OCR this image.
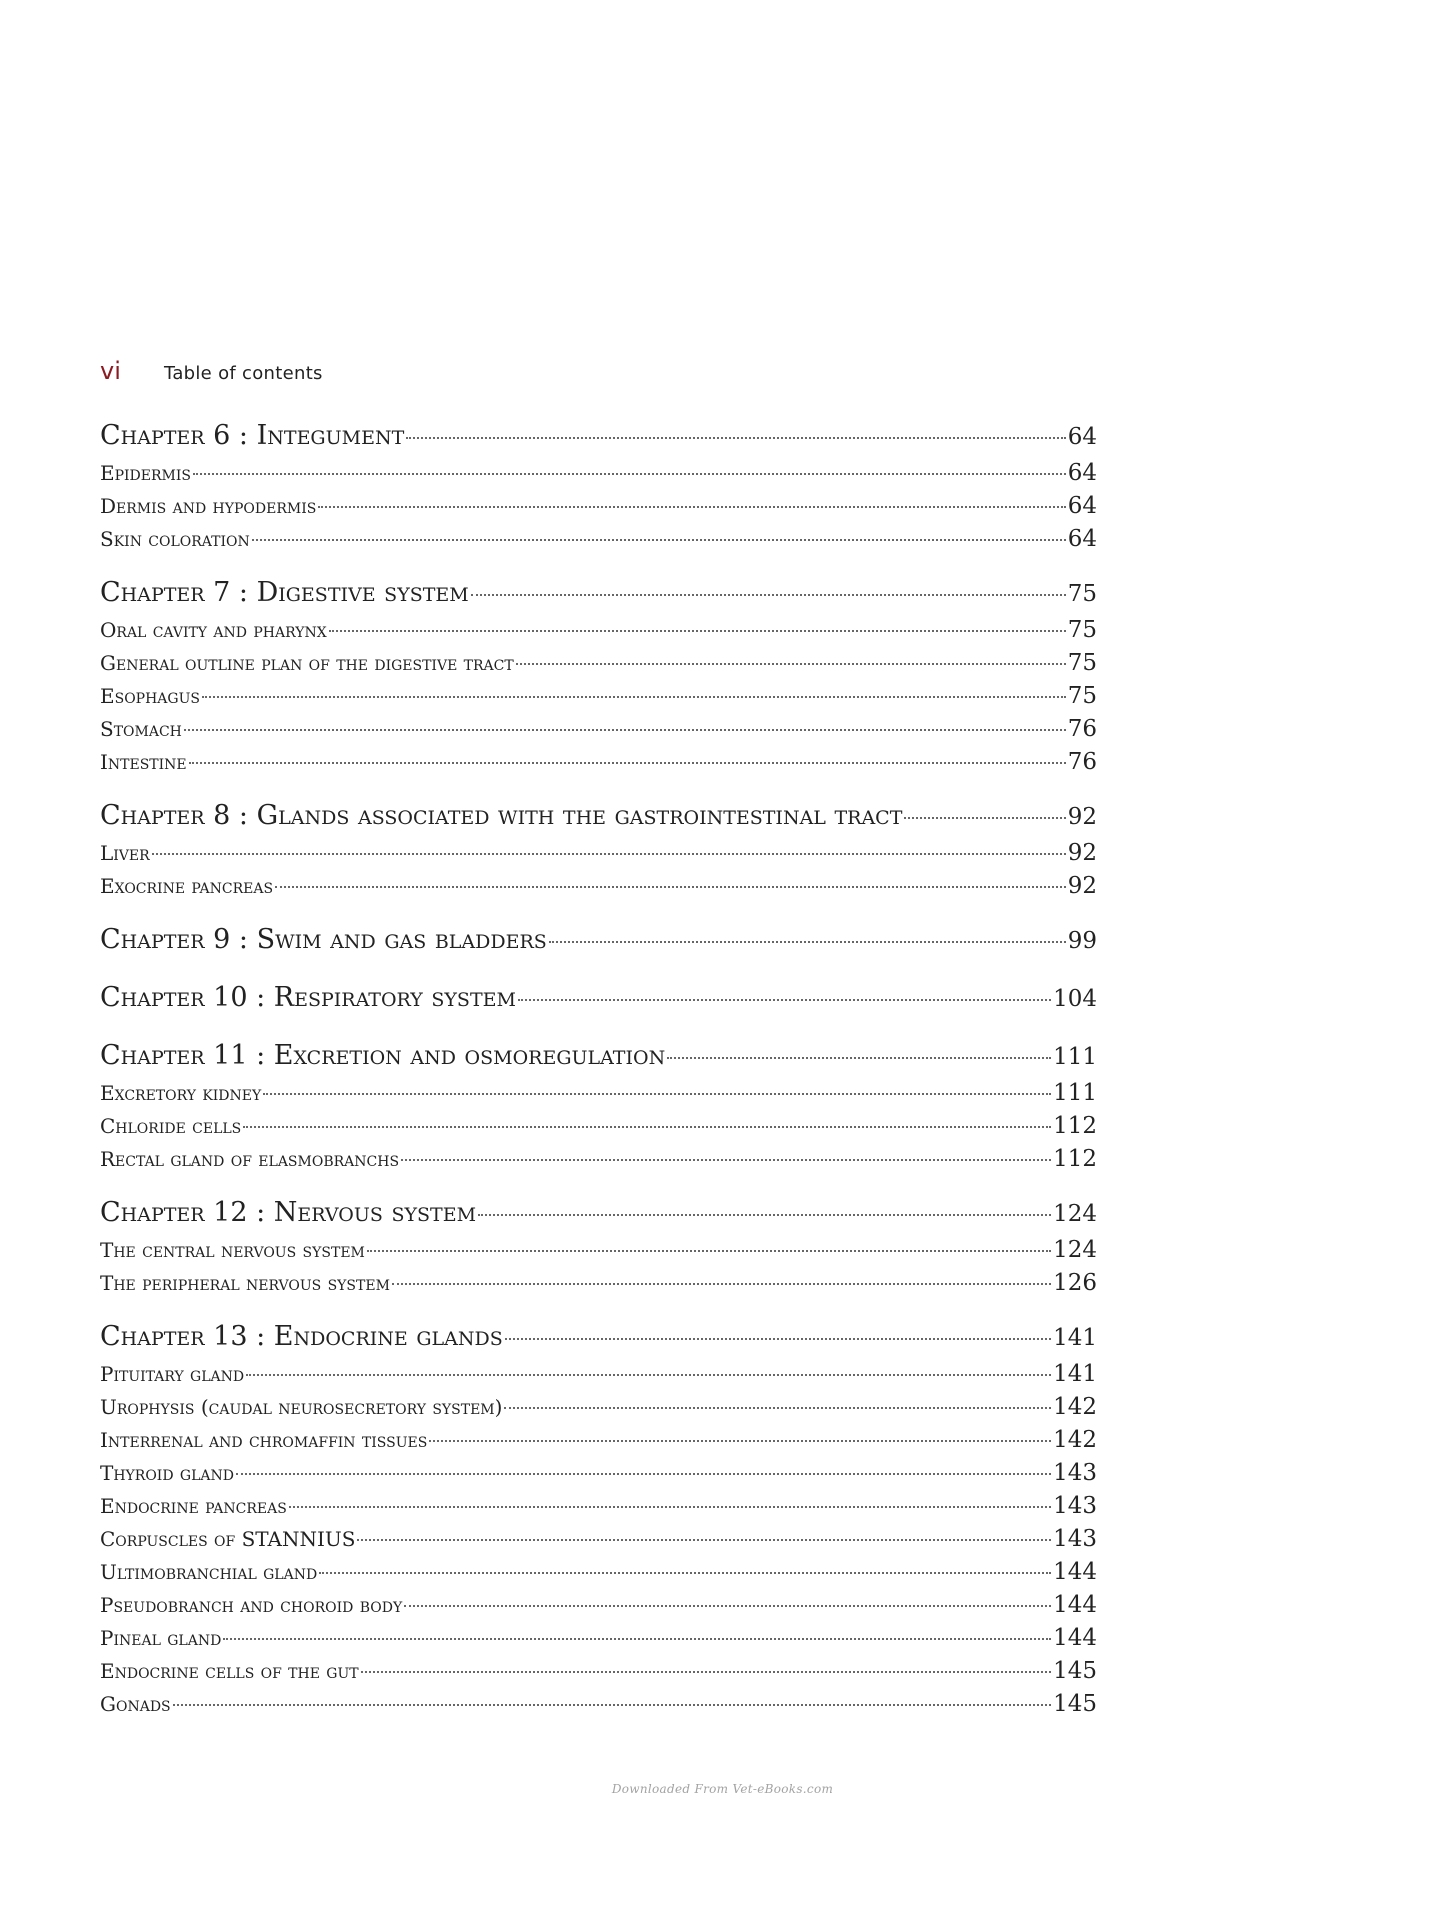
vi	Table of contents
Chapter 6 : Integument	64
Epidermis	64
Dermis and hypodermis	64
Skin coloration	64
Chapter 7 : Digestive system	75
Oral cavity and pharynx	75
General outline plan of the digestive tract	75
Esophagus	75
Stomach	76
Intestine	76
Chapter 8 : Glands associated with the gastrointestinal tract	92
Liver	92
Exocrine pancreas	92
Chapter 9 : Swim and gas bladders	99
Chapter 10 : Respiratory system	104
Chapter 11 : Excretion and osmoregulation	111
Excretory kidney	111
Chloride cells	112
Rectal gland of elasmobranchs	112
Chapter 12 : Nervous system	124
The central nervous system	124
The peripheral nervous system	126
Chapter 13 : Endocrine glands	141
Pituitary gland	141
Urophysis (caudal neurosecretory system)	142
Interrenal and chromaffin tissues	142
Thyroid gland	143
Endocrine pancreas	143
Corpuscles of STANNIUS	143
Ultimobranchial gland	144
Pseudobranch and choroid body	144
Pineal gland	144
Endocrine cells of the gut	145
Gonads	145
Downloaded From Vet-eBooks.com
